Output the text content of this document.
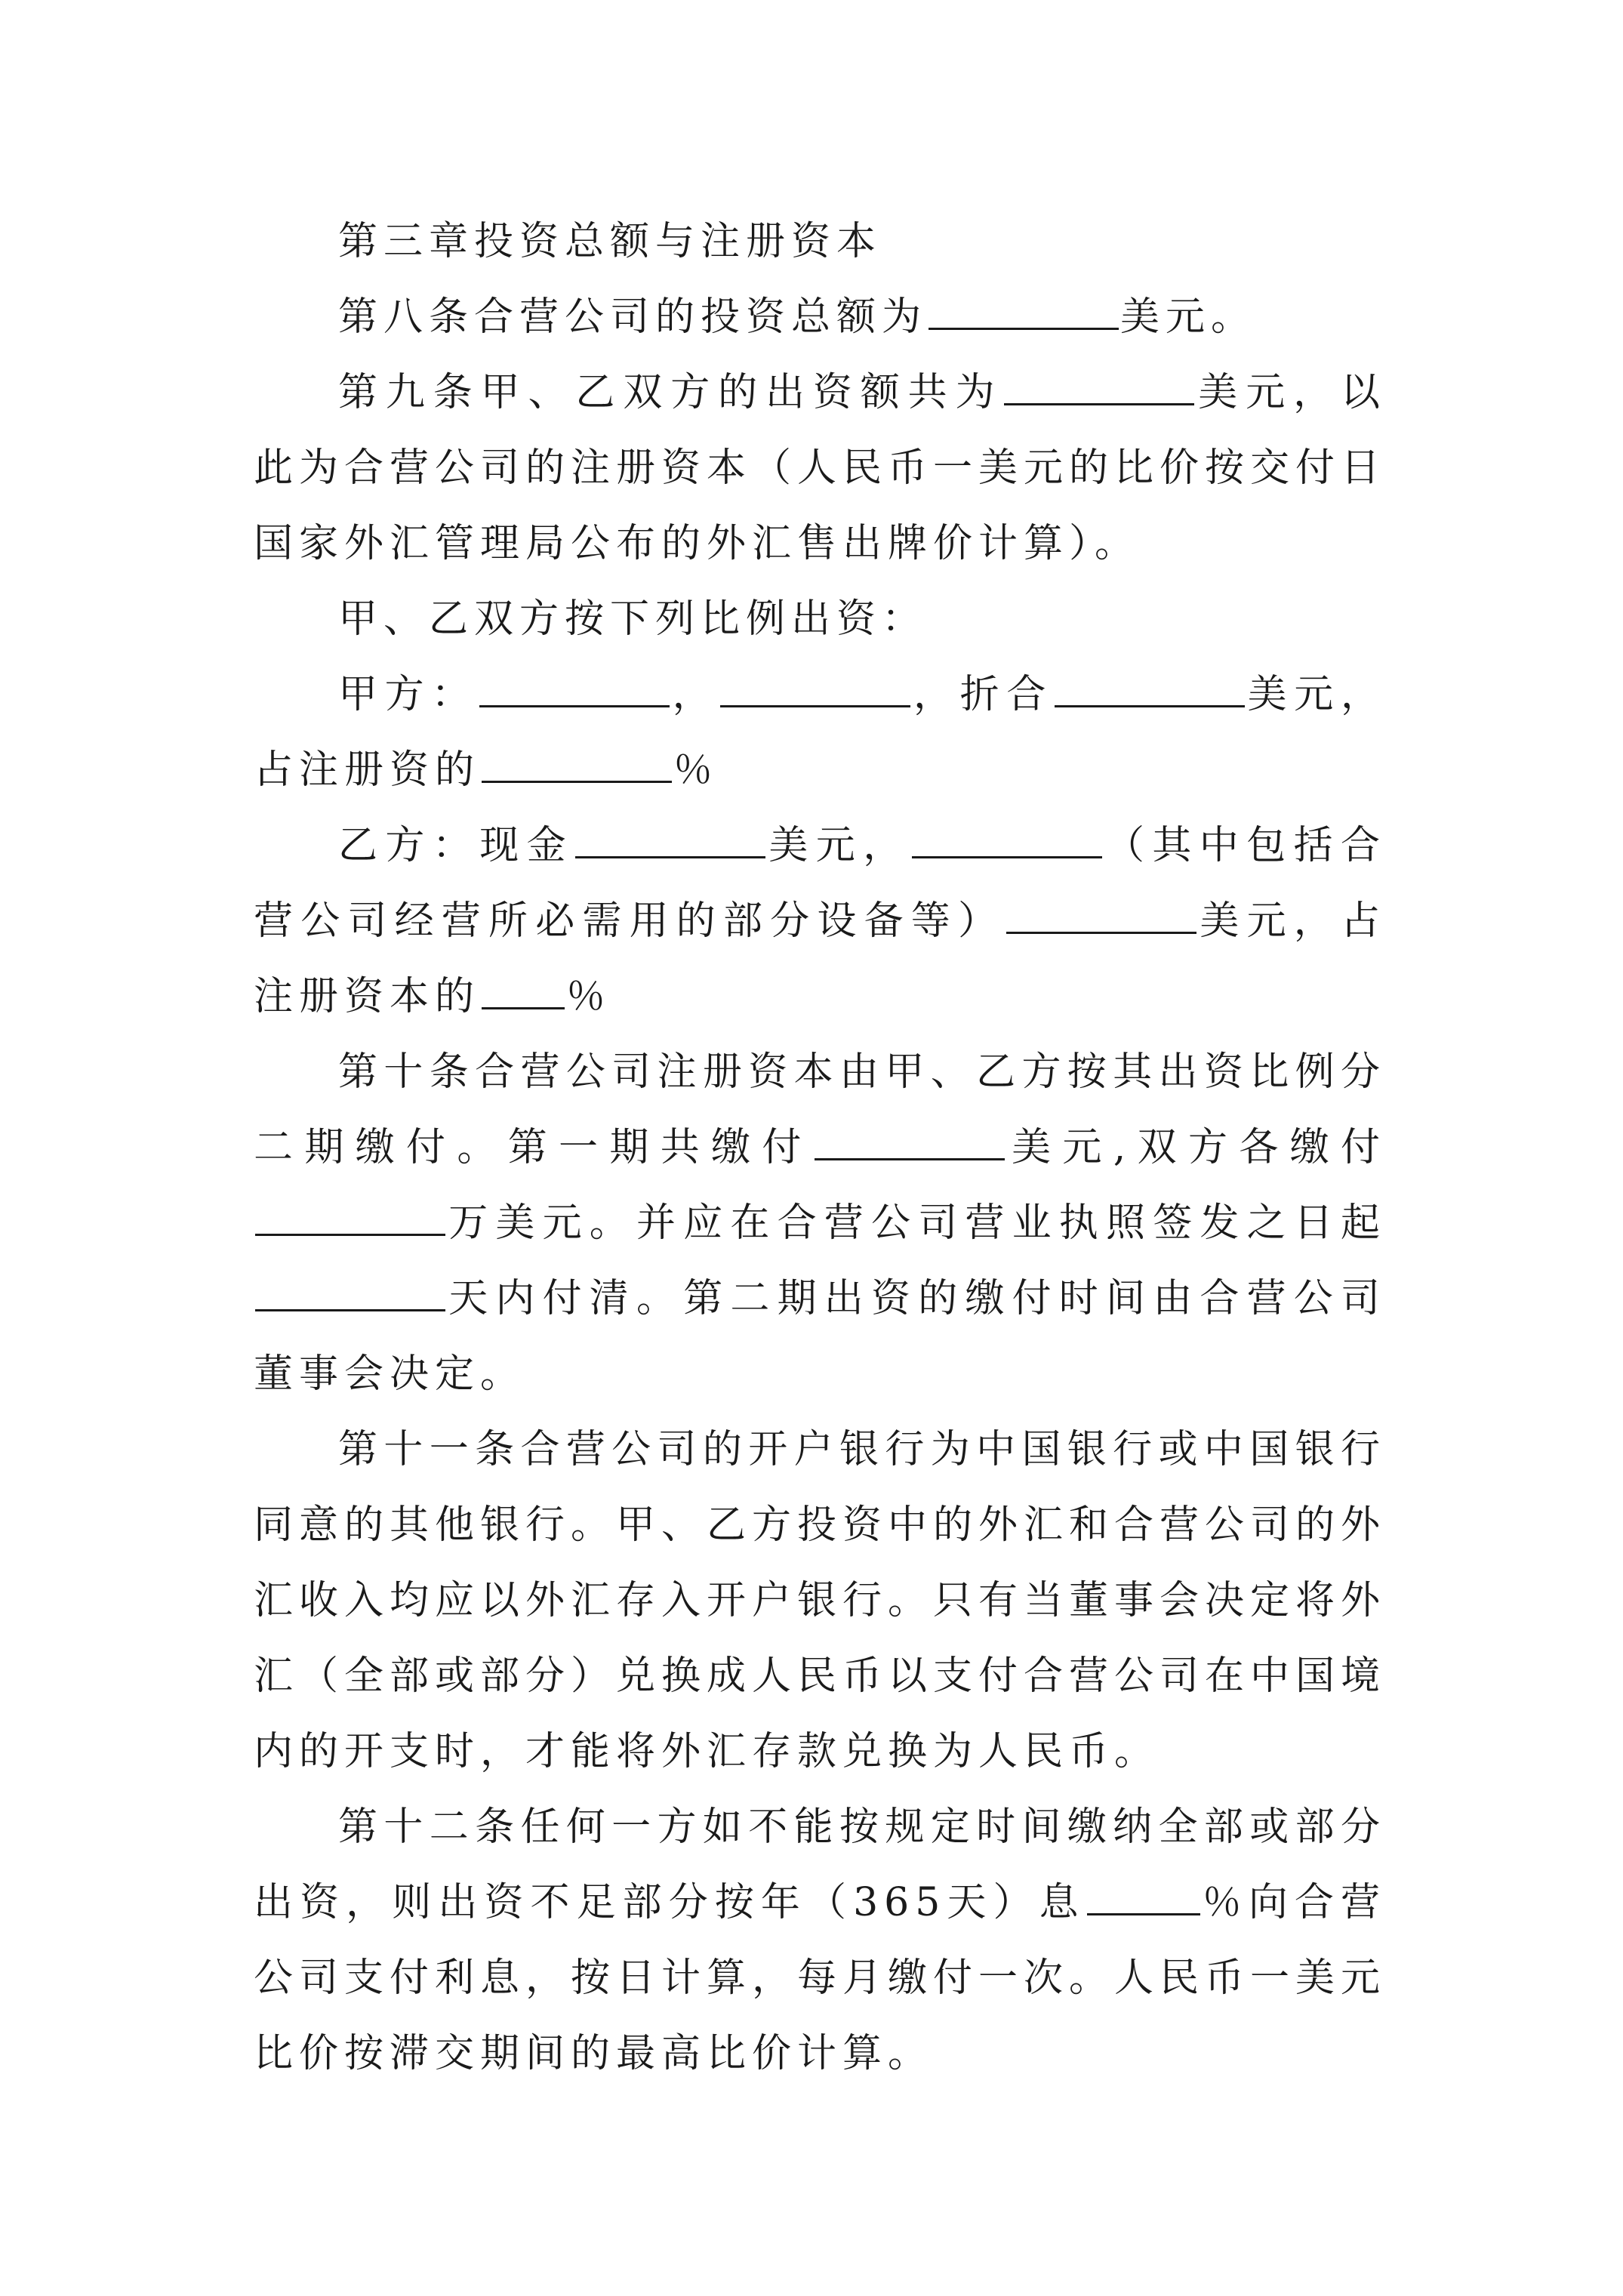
第三章投资总额与注册资本

第八条合营公司的投资总额为	美元。

第九条甲、乙双方的出资额共为	美元，以此为合营公司的注册资本（人民币一美元的比价按交付日国家外汇管理局公布的外汇售出牌价计算）。

甲、乙双方按下列比例出资：

甲方：	，	，折合	美元，占注册资的	％

乙方：现金	美元，	（其中包括合营公司经营所必需用的部分设备等）	美元，占注册资本的 ％

第十条合营公司注册资本由甲、乙方按其出资比例分二期缴付。第一期共缴付	美元,双方各缴付万美元。并应在合营公司营业执照签发之日起天内付清。第二期出资的缴付时间由合营公司董事会决定。

第十一条合营公司的开户银行为中国银行或中国银行同意的其他银行。甲、乙方投资中的外汇和合营公司的外汇收入均应以外汇存入开户银行。只有当董事会决定将外汇（全部或部分）兑换成人民币以支付合营公司在中国境内的开支时，才能将外汇存款兑换为人民币。

第十二条任何一方如不能按规定时间缴纳全部或部分出资，则出资不足部分按年（365天）息	％向合营公司支付利息，按日计算，每月缴付一次。人民币一美元比价按滞交期间的最高比价计算。
